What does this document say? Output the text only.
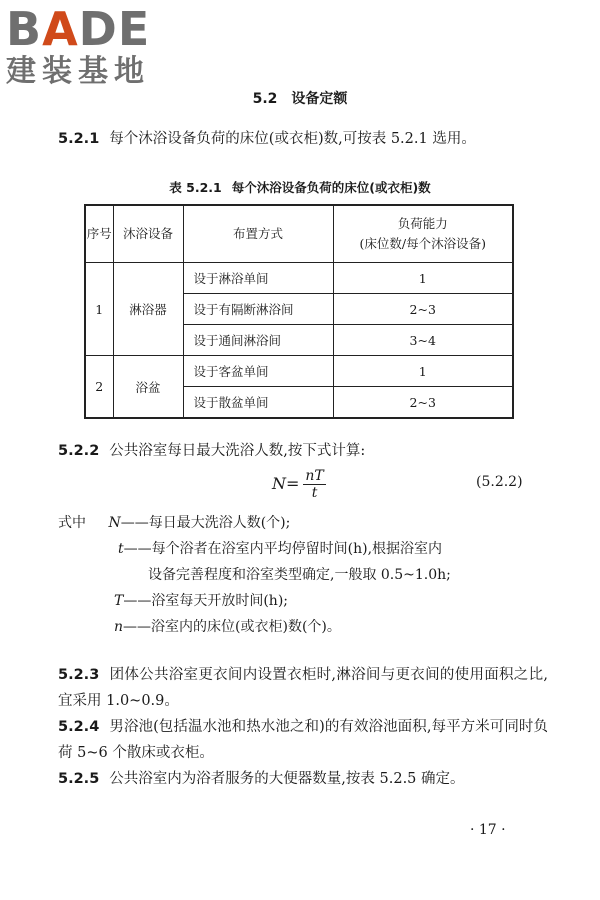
BADE
建装基地
5.2 设备定额
5.2.1 每个沐浴设备负荷的床位(或衣柜)数,可按表 5.2.1 选用。
表 5.2.1 每个沐浴设备负荷的床位(或衣柜)数
序号	沐浴设备	布置方式	负荷能力
(床位数/每个沐浴设备)
1	淋浴器	设于淋浴单间	1
		设于有隔断淋浴间	2~3
		设于通间淋浴间	3~4
2	浴盆	设于客盆单间	1
		设于散盆单间	2~3
5.2.2 公共浴室每日最大洗浴人数,按下式计算:
$N= \frac{nT}{t}$	(5.2.2)
式中 N——每日最大洗浴人数(个);
t——每个浴者在浴室内平均停留时间(h),根据浴室内
设备完善程度和浴室类型确定,一般取 0.5~1.0h;
T——浴室每天开放时间(h);
n——浴室内的床位(或衣柜)数(个)。
5.2.3 团体公共浴室更衣间内设置衣柜时,淋浴间与更衣间的使用面积之比,宜采用 1.0~0.9。
5.2.4 男浴池(包括温水池和热水池之和)的有效浴池面积,每平方米可同时负荷 5~6 个散床或衣柜。
5.2.5 公共浴室内为浴者服务的大便器数量,按表 5.2.5 确定。
· 17 ·
